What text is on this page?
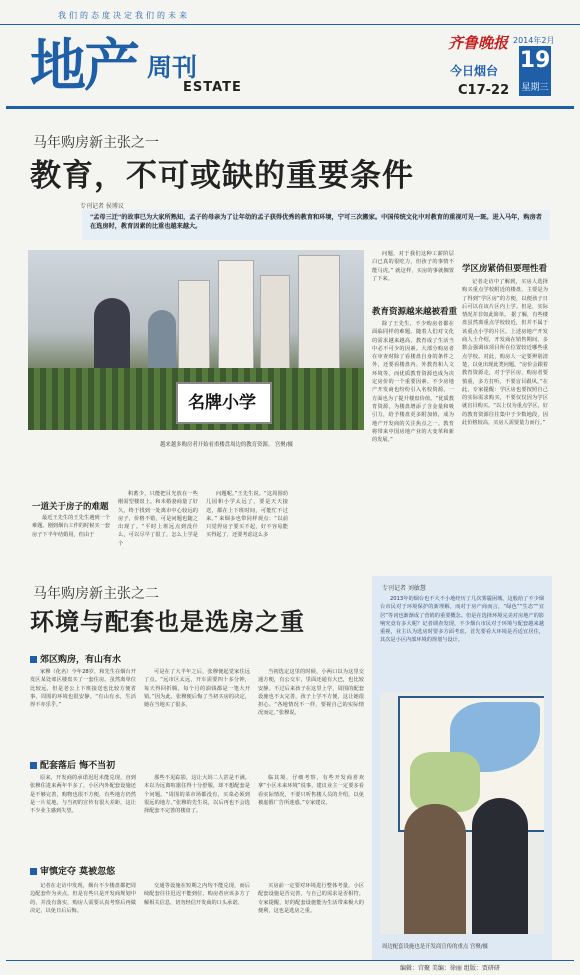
我们的态度决定我们的未来
地产 周刊
ESTATE
齐鲁晚报
今日烟台
C17-22
2014年2月
19
星期三
马年购房新主张之一
教育，不可或缺的重要条件
专刊记者 侯博议
"孟母三迁"的故事已为大家所熟知，孟子的母亲为了让年幼的孟子获得优秀的教育和环境，宁可三次搬家。中国传统文化中对教育的重视可见一斑。进入马年，购房者在选房时，教育因素的比重也越来越大。
名牌小学
越来越多购房者开始看重楼盘周边的教育资源。 宫聚/摄
一道关于房子的难题

最近王先生的王先生遇到一个难题。刚到烟台工作的时候买一套房子下半年结婚用，但由于

积蓄少，只能把目光放在一些刚需型楼盘上。和未婚妻商量了好久，终于找到一处离市中心较远的房子，价格不错，可是问题也随之出现了。“平时上班远点到没什么，可以尽早了很了，怎么上学是个

问题呢。”王先生说。“这周围幼儿园和小学太远了，要是天天接送，都在上下班时间，可能忙不过来。” 来烟多也带同样观点：“以前只觉得房子要买不起，好不容易能买得起了，还要考虑这么多

问题，对于我们这种工薪阶层白已真的很吃力，但孩子的事情不能马虎。” 就这样，买房的事就搁置了下来。

教育资源越来越被看重

除了王先生，不少购房者都在面临同样的难题。随着人们对文化的需求越来越高，教育成了生活当中必不可少的因素。大部分购房者在审查时除了看楼盘自身的条件之外，还要看楼盘内、外教育和人文环境等。而优质教育资源也成为决定房价的一个重要因素。不少房地产开发商也纷纷引入名校资源，一方面也为了提升楼盘价值。“优质教育资源，为楼盘增添了含金量和吸引力，给予楼盘更多附加值，成为地产开发商的关注焦点之一。教育将带来中国房地产业的大变革和新的发展。”

学区房紧俏但要理性看

记者走访中了解到，买房人选择购买重点学校附近的楼盘，主要是为了得到“学区房”的方便，以便孩子日后可以在该片区内上学。但是，实际情况并非如此简单。 据了解，有些楼盘虽然离重点学校较近，但并不属于该重点小学的片区。上述房地产开发商人士介绍，开发商在销售期间，多数会强调该项目所在位置较近哪些重点学校。对此，购房人一定要辨别清楚，以免出现此类问题。“房价会跟着教育资源走，对于学区房，购房者要慎重，多方打听，不要盲目跟风。”在此，专家提醒：学区房也要按照自己的实际需求购买，不要仅仅因为学区就盲目购买。“以上仅为重点学区，好的教育资源往往集中于少数地段，因此价格较高，买房人需要量力而行。”

马年购房新主张之二
环境与配套也是选房之重
郊区购房，有山有水

家穆（化名）今年28岁，和先生在烟台开发区某处郊区楼盘买了一套住房。虽然离单位比较远，但是老公上下班接送也比较方便省事，周围的环境也很安静。“有山有水，生活得不亦乐乎。”

可是在了大半年之后，张穆便起觉家住远了点。“远市区太远，开车需要四十多分钟，每天得回折腾，每个月的油钱都是一笔大开销。”因为此，张穆便后悔了当初买房的决定，她在当地买了很多。

当初选定这里的时候，小两口以为这里交通方便，有公交车，里面还通有大巴，也比较安静。不过后来孩子在这里上学，周围的配套设施也不太完善，孩子上学不方便，这让她很担心。“各地情况不一样，要视自己的实际情况而定。”张穆说。

配套落后 悔不当初

原来，开发商的承诺迟迟未能兑现，直到张穆住进来两年半多了，小区内外配套设施还是不够完善，购物也很不方便，有些地方仍然是一片荒地，与当初的宣传有很大差距，这让不少业主感到失望。

那些不见踪影，这让大妈二人甚是不满。本以为远离喧嚣住得十分舒服，却不想配套是个问题。“周围的菜市场都没有，买菜必须到很远的地方。”张穆的先生说，以后再也不会选择配套不完善的楼盘了。

临其境，仔细考察，有些开发商喜欢拿“小区未来环境”说事，建议业主一定要多看看实际情况，不要只听售楼人员的介绍，以免被虚假广告所迷惑。”专家建议。

审慎定夺 莫被忽悠

记者在走访中发现，烟台不少楼盘都把周边配套作为卖点，但是有些只是开发商规划中的，并没有落实，购房人需要认真考察后再做决定，以免日后后悔。

交通等设施在短期之内均不能兑现，而后续配套往往迟迟不能到位，购房者应该多方了解相关信息，切勿轻信开发商的口头承诺。

买房前一定要对环境进行整体考量，小区配套设施是否完善，与自己的需求是否相符。专家提醒，好的配套设施能为生活带来极大的便利，这也是选房之重。

专刊记者 刘敏慧

2013年的烟台也不大不小地经历了几次雾霾困城，这般给了不少烟台市民对于环境保护的新理解，而对于房产商而言，“绿色”“生态”“宜居”等词也渐渐成了营销的重要概念。但是在选择环境完美对房地产的影响究竟有多大呢？记者调查发现，不少烟台市民对于环境与配套越来越重视，业主认为选房时要多方面考虑，首先要看大环境是否适宜居住，其次是小区内部环境的规划与设计。

周边配套设施也是开发商宣传的重点 宫聚/摄
编辑：宫聚 美编：徐丽 组版：贾研研
